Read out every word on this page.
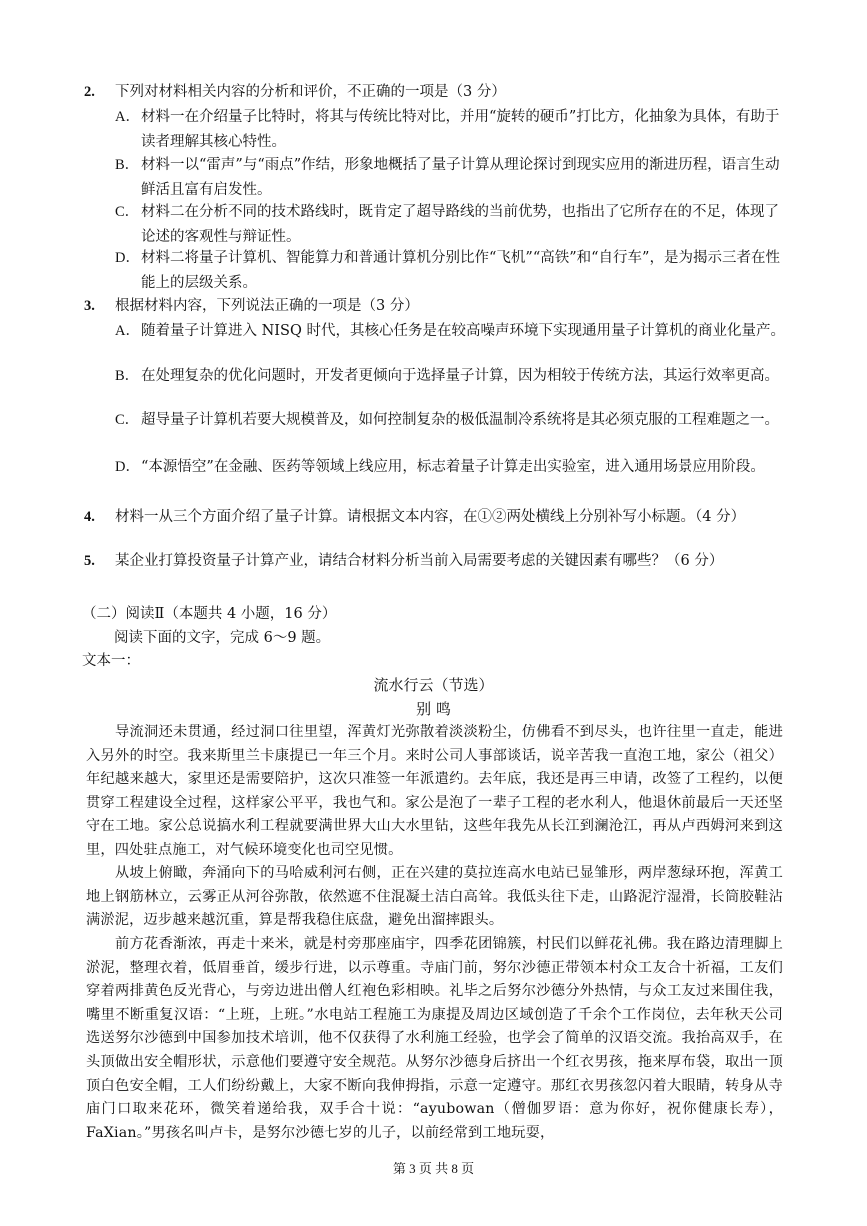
2. 下列对材料相关内容的分析和评价，不正确的一项是（3 分）
A． 材料一在介绍量子比特时，将其与传统比特对比，并用“旋转的硬币”打比方，化抽象为具体，有助于读者理解其核心特性。
B． 材料一以“雷声”与“雨点”作结，形象地概括了量子计算从理论探讨到现实应用的渐进历程，语言生动鲜活且富有启发性。
C． 材料二在分析不同的技术路线时，既肯定了超导路线的当前优势，也指出了它所存在的不足，体现了论述的客观性与辩证性。
D． 材料二将量子计算机、智能算力和普通计算机分别比作“飞机”“高铁”和“自行车”，是为揭示三者在性能上的层级关系。
3. 根据材料内容，下列说法正确的一项是（3 分）
A． 随着量子计算进入 NISQ 时代，其核心任务是在较高噪声环境下实现通用量子计算机的商业化量产。
B． 在处理复杂的优化问题时，开发者更倾向于选择量子计算，因为相较于传统方法，其运行效率更高。
C． 超导量子计算机若要大规模普及，如何控制复杂的极低温制冷系统将是其必须克服的工程难题之一。
D． “本源悟空”在金融、医药等领域上线应用，标志着量子计算走出实验室，进入通用场景应用阶段。
4. 材料一从三个方面介绍了量子计算。请根据文本内容，在①②两处横线上分别补写小标题。（4 分）
5. 某企业打算投资量子计算产业，请结合材料分析当前入局需要考虑的关键因素有哪些？（6 分）
（二）阅读Ⅱ（本题共 4 小题，16 分）
阅读下面的文字，完成 6～9 题。
文本一：
流水行云（节选）
别 鸣
导流洞还未贯通，经过洞口往里望，浑黄灯光弥散着淡淡粉尘，仿佛看不到尽头，也许往里一直走，能进入另外的时空。我来斯里兰卡康提已一年三个月。来时公司人事部谈话，说辛苦我一直泡工地，家公（祖父）年纪越来越大，家里还是需要陪护，这次只准签一年派遣约。去年底，我还是再三申请，改签了工程约，以便贯穿工程建设全过程，这样家公平平，我也气和。家公是泡了一辈子工程的老水利人，他退休前最后一天还坚守在工地。家公总说搞水利工程就要满世界大山大水里钻，这些年我先从长江到澜沧江，再从卢西姆河来到这里，四处驻点施工，对气候环境变化也司空见惯。
从坡上俯瞰，奔涌向下的马哈威利河右侧，正在兴建的莫拉连高水电站已显雏形，两岸葱绿环抱，浑黄工地上钢筋林立，云雾正从河谷弥散，依然遮不住混凝土洁白高耸。我低头往下走，山路泥泞湿滑，长筒胶鞋沾满淤泥，迈步越来越沉重，算是帮我稳住底盘，避免出溜摔跟头。
前方花香渐浓，再走十来米，就是村旁那座庙宇，四季花团锦簇，村民们以鲜花礼佛。我在路边清理脚上淤泥，整理衣着，低眉垂首，缓步行进，以示尊重。寺庙门前，努尔沙德正带领本村众工友合十祈福，工友们穿着两排黄色反光背心，与旁边进出僧人红袍色彩相映。礼毕之后努尔沙德分外热情，与众工友过来围住我，嘴里不断重复汉语：“上班，上班。”水电站工程施工为康提及周边区域创造了千余个工作岗位，去年秋天公司选送努尔沙德到中国参加技术培训，他不仅获得了水利施工经验，也学会了简单的汉语交流。我抬高双手，在头顶做出安全帽形状，示意他们要遵守安全规范。从努尔沙德身后挤出一个红衣男孩，拖来厚布袋，取出一顶顶白色安全帽，工人们纷纷戴上，大家不断向我伸拇指，示意一定遵守。那红衣男孩忽闪着大眼睛，转身从寺庙门口取来花环，微笑着递给我，双手合十说：“ayubowan（僧伽罗语：意为你好，祝你健康长寿），FaXian。”男孩名叫卢卡，是努尔沙德七岁的儿子，以前经常到工地玩耍，
第 3 页 共 8 页
